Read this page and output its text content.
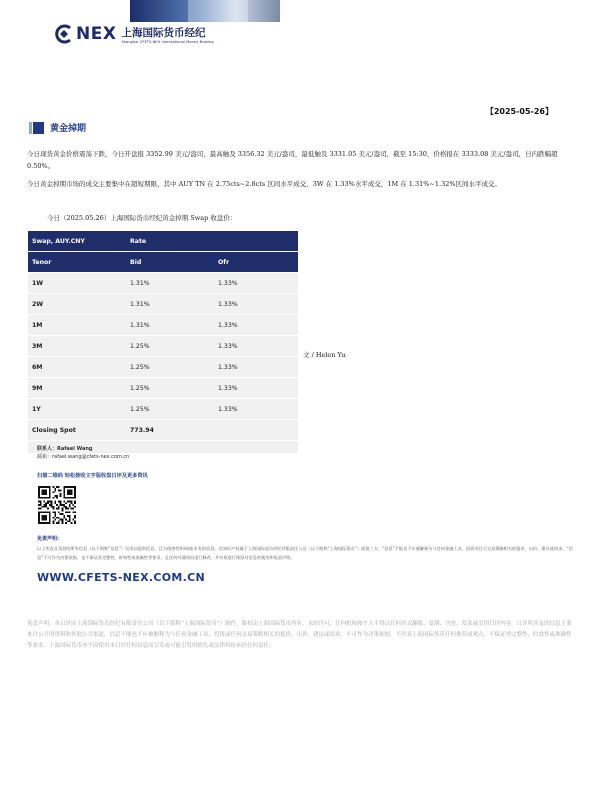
NEX 上海国际货币经纪
Shanghai CFETS-NEX International Money Broking
【2025-05-26】
黄金掉期
今日现货黄金价格震荡下跌，今日开盘报 3352.99 美元/盎司，最高触及 3356.32 美元/盎司，最低触及 3331.05 美元/盎司，截至 15:30，价格报在 3333.08 美元/盎司，日内跌幅超 0.50%。
今日黄金掉期市场的成交主要集中在超短期限，其中 AUY TN 在 2.75cts~2.8cts 区间水平成交，3W 在 1.33%水平成交，1M 在 1.31%~1.32%区间水平成交。
今日（2025.05.26）上海国际货币经纪黄金掉期 Swap 收盘价：
Swap, AUY.CNY	Rate	
Tenor	Bid	Ofr
1W	1.31%	1.33%
2W	1.31%	1.33%
1M	1.31%	1.33%
3M	1.25%	1.33%
6M	1.25%	1.33%
9M	1.25%	1.33%
1Y	1.25%	1.33%
Closing Spot	773.94	

文 / Helen Yu
联系人：Rafael Wang
邮箱：rafael.wang@cfets-nex.com.cn
扫描二维码 轻松接收文字版收盘日评及更多资讯
免责声明:
以上所直及刊登的所有信息（以下简称“信息”）仅用以提供信息，且为保密性和/或账专有的信息。其知识产权属于上海国际货币经纪有限责任公司（以下简称“上海国际货币”）或第三方。“信息”不能也不应被解释为与任何金融工具、投资项目可交易策略相关的报价、出价、建议或请求。“信息”不可作为决策依据，也不保证其完整性、时效性或准确性等要求，且任何经通知而进行修改、并有权进行保留对信息的使用和免责声明。
WWW.CFETS-NEX.COM.CN
免责声明：本日评由上海国际货币经纪有限责任公司（以下简称“上海国际货币”）制作，版权由上海国际货币所有。未经许可，任何机构和个人不得以任何形式翻版、复制、刊登、发表或引用日评内容。日评所涉及的信息主要来自公开的资料和其他公共渠道，信息不能也不应被解释为与任何金融工具、投资或任何交易策略相关的报价、出价、建议或请求，不可作为决策依据，不代表上海国际货币任何推荐或观点，不保证其完整性，时效性或准确性等要求。上海国际货币亦不因使用本日评任何信息而引发或可能引发的损失或法律纠纷承担任何责任。
